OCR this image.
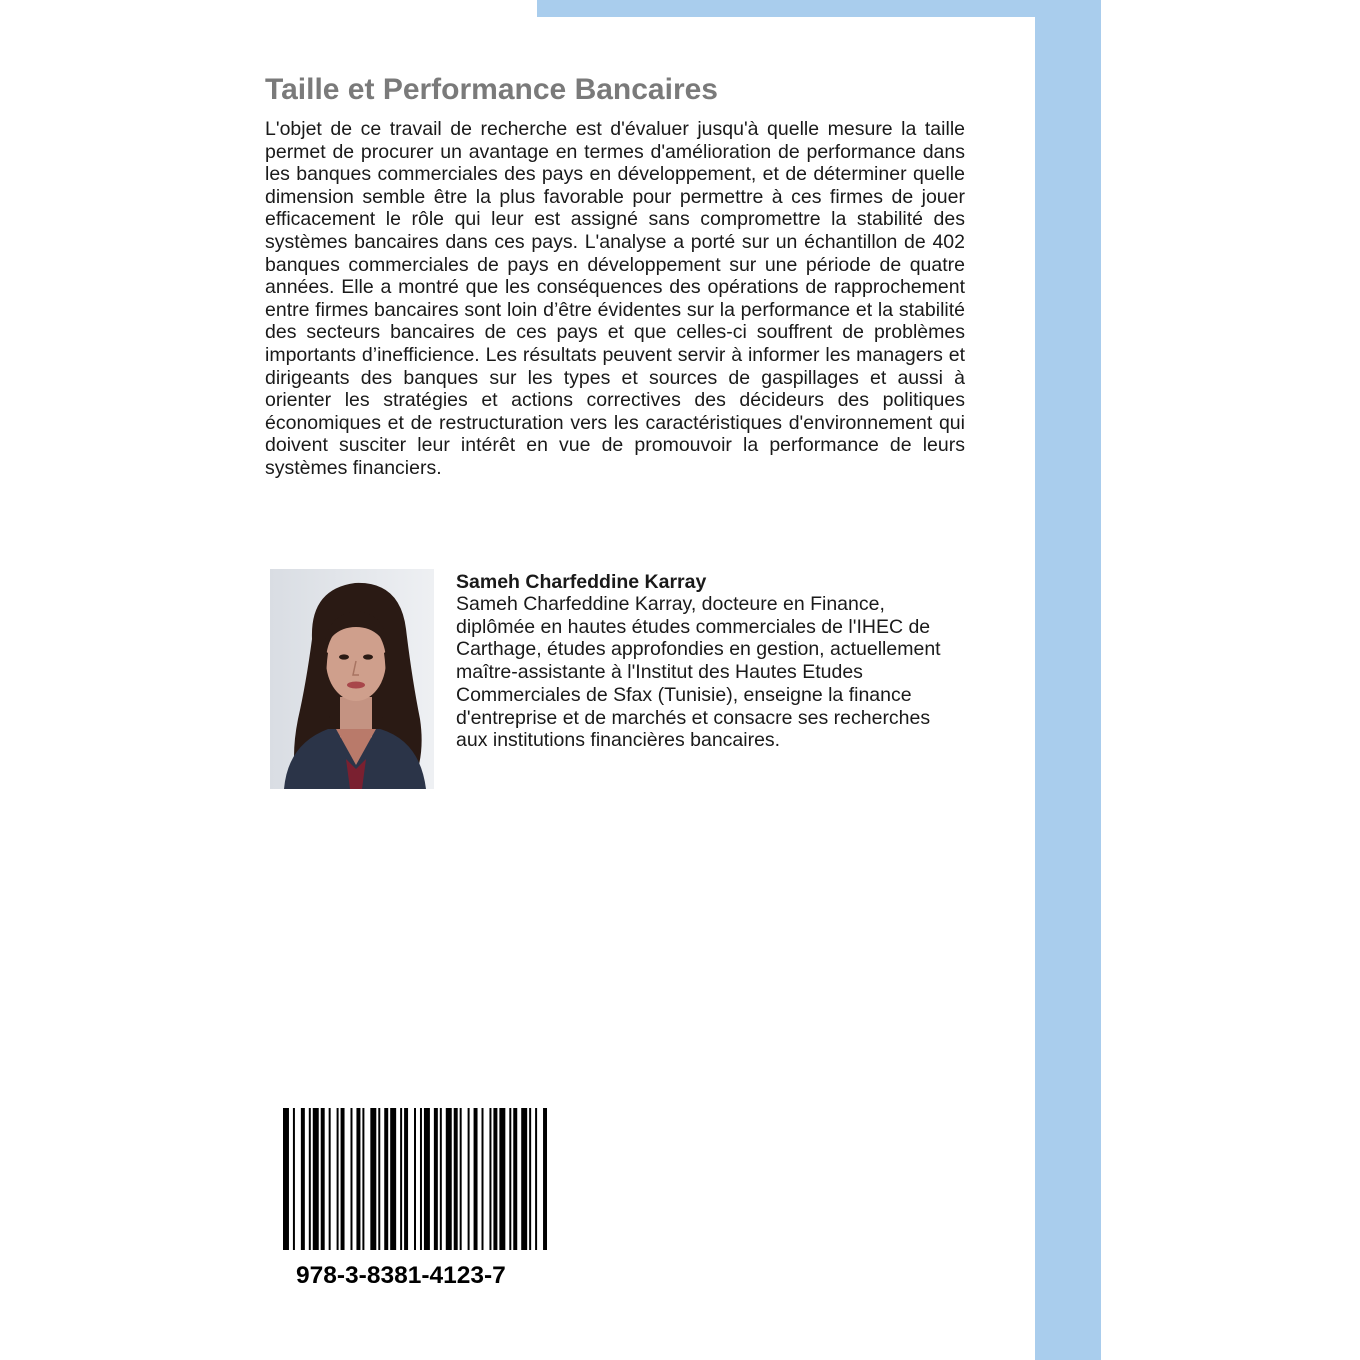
Taille et Performance Bancaires

L'objet de ce travail de recherche est d'évaluer jusqu'à quelle mesure la taille permet de procurer un avantage en termes d'amélioration de performance dans les banques commerciales des pays en développement, et de déterminer quelle dimension semble être la plus favorable pour permettre à ces firmes de jouer efficacement le rôle qui leur est assigné sans compromettre la stabilité des systèmes bancaires dans ces pays. L'analyse a porté sur un échantillon de 402 banques commerciales de pays en développement sur une période de quatre années. Elle a montré que les conséquences des opérations de rapprochement entre firmes bancaires sont loin d’être évidentes sur la performance et la stabilité des secteurs bancaires de ces pays et que celles-ci souffrent de problèmes importants d’inefficience. Les résultats peuvent servir à informer les managers et dirigeants des banques sur les types et sources de gaspillages et aussi à orienter les stratégies et actions correctives des décideurs des politiques économiques et de restructuration vers les caractéristiques d'environnement qui doivent susciter leur intérêt en vue de promouvoir la performance de leurs systèmes financiers.

Sameh Charfeddine Karray

Sameh Charfeddine Karray, docteure en Finance, diplômée en hautes études commerciales de l'IHEC de Carthage, études approfondies en gestion, actuellement maître-assistante à l'Institut des Hautes Etudes Commerciales de Sfax (Tunisie), enseigne la finance d'entreprise et de marchés et consacre ses recherches aux institutions financières bancaires.

978-3-8381-4123-7
